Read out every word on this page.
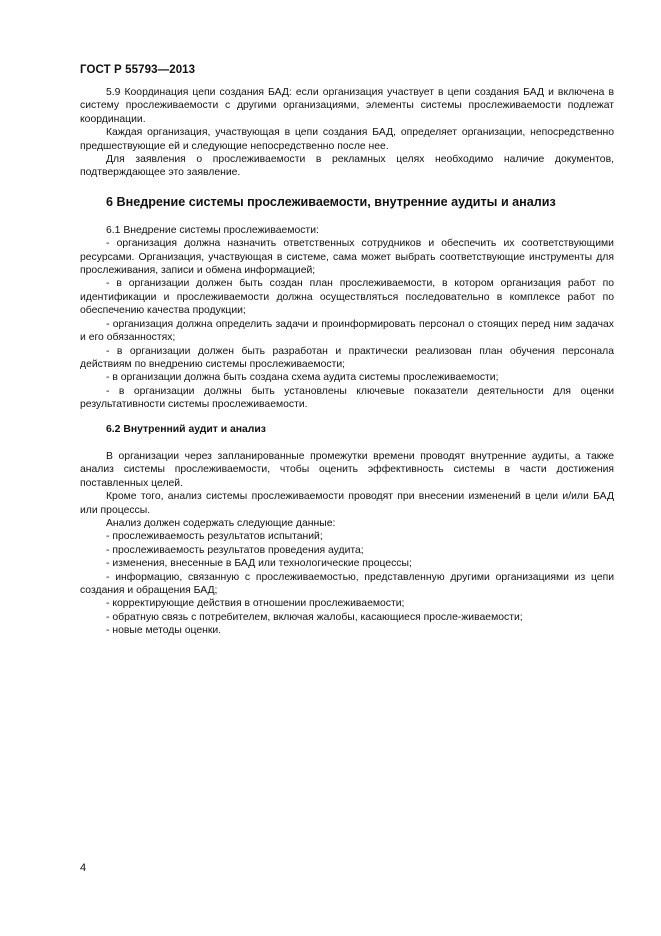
ГОСТ Р 55793—2013

5.9 Координация цепи создания БАД: если организация участвует в цепи создания БАД и включена в систему прослеживаемости с другими организациями, элементы системы прослеживаемости подлежат координации.

Каждая организация, участвующая в цепи создания БАД, определяет организации, непосредственно предшествующие ей и следующие непосредственно после нее.

Для заявления о прослеживаемости в рекламных целях необходимо наличие документов, подтверждающее это заявление.

6 Внедрение системы прослеживаемости, внутренние аудиты и анализ

6.1 Внедрение системы прослеживаемости:

- организация должна назначить ответственных сотрудников и обеспечить их соответствующими ресурсами. Организация, участвующая в системе, сама может выбрать соответствующие инструменты для прослеживания, записи и обмена информацией;

- в организации должен быть создан план прослеживаемости, в котором организация работ по идентификации и прослеживаемости должна осуществляться последовательно в комплексе работ по обеспечению качества продукции;

- организация должна определить задачи и проинформировать персонал о стоящих перед ним задачах и его обязанностях;

- в организации должен быть разработан и практически реализован план обучения персонала действиям по внедрению системы прослеживаемости;

- в организации должна быть создана схема аудита системы прослеживаемости;

- в организации должны быть установлены ключевые показатели деятельности для оценки результативности системы прослеживаемости.

6.2 Внутренний аудит и анализ

В организации через запланированные промежутки времени проводят внутренние аудиты, а также анализ системы прослеживаемости, чтобы оценить эффективность системы в части достижения поставленных целей.

Кроме того, анализ системы прослеживаемости проводят при внесении изменений в цели и/или БАД или процессы.

Анализ должен содержать следующие данные:

- прослеживаемость результатов испытаний;

- прослеживаемость результатов проведения аудита;

- изменения, внесенные в БАД или технологические процессы;

- информацию, связанную с прослеживаемостью, представленную другими организациями из цепи создания и обращения БАД;

- корректирующие действия в отношении прослеживаемости;

- обратную связь с потребителем, включая жалобы, касающиеся просле-живаемости;

- новые методы оценки.

4
